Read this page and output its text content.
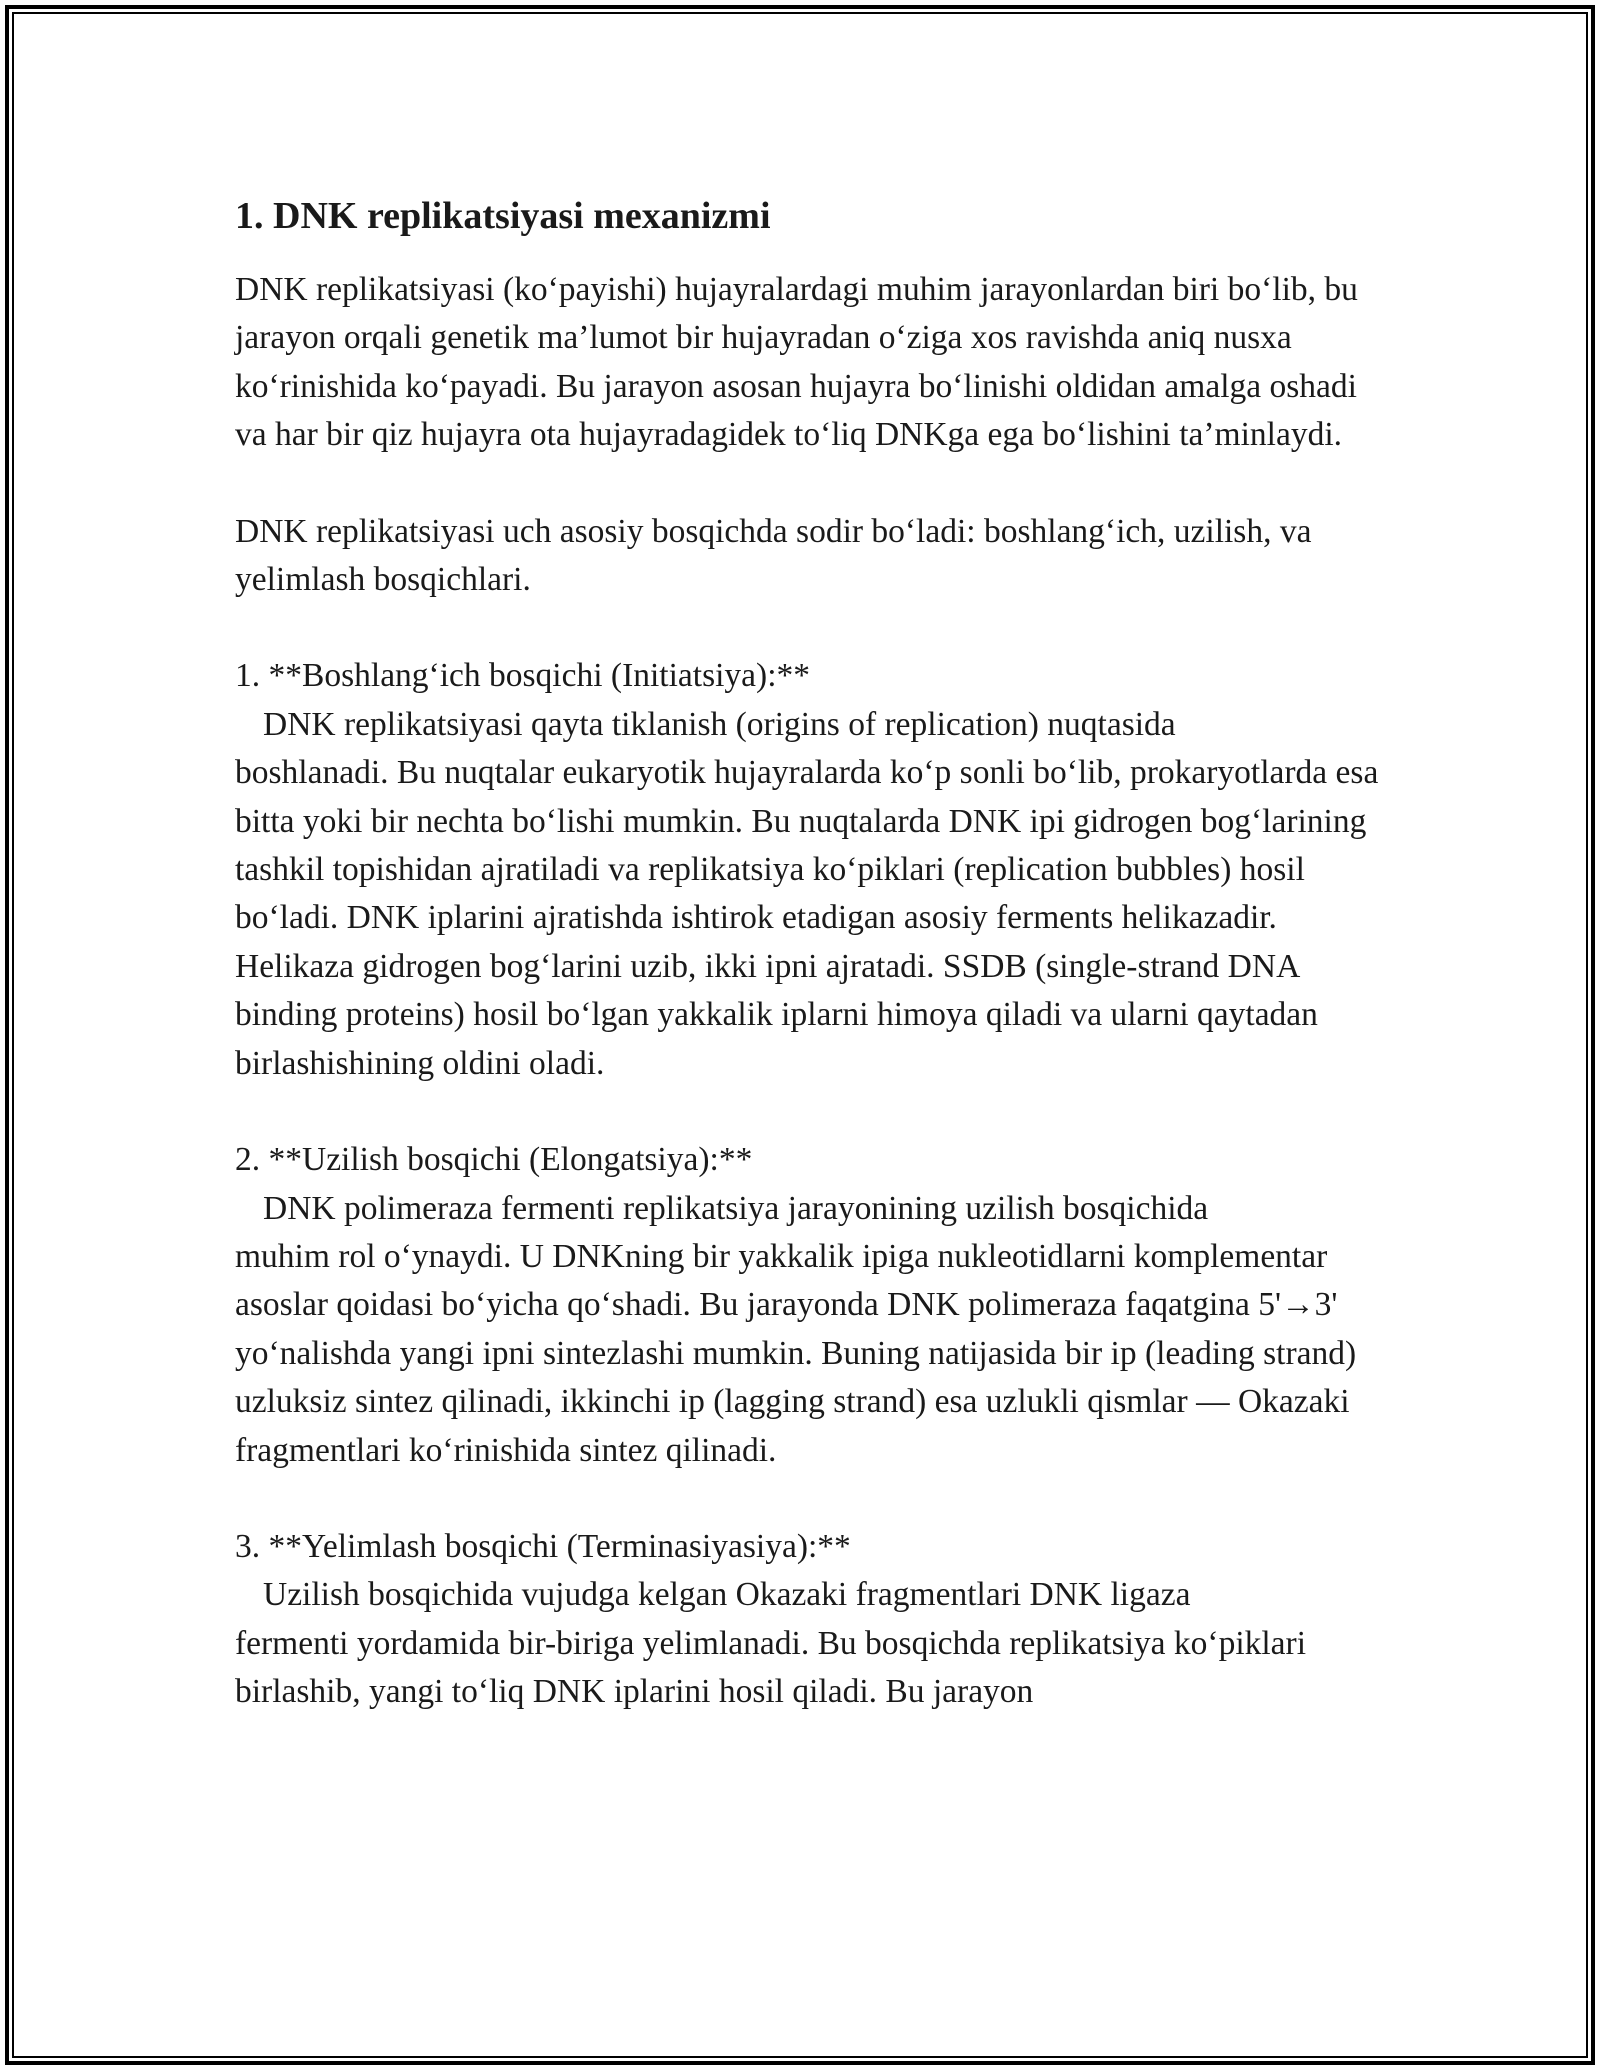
1. DNK replikatsiyasi mexanizmi

DNK replikatsiyasi (ko‘payishi) hujayralardagi muhim jarayonlardan biri bo‘lib, bu jarayon orqali genetik ma’lumot bir hujayradan o‘ziga xos ravishda aniq nusxa ko‘rinishida ko‘payadi. Bu jarayon asosan hujayra bo‘linishi oldidan amalga oshadi va har bir qiz hujayra ota hujayradagidek to‘liq DNKga ega bo‘lishini ta’minlaydi.

DNK replikatsiyasi uch asosiy bosqichda sodir bo‘ladi: boshlang‘ich, uzilish, va yelimlash bosqichlari.

1. **Boshlang‘ich bosqichi (Initiatsiya):**

DNK replikatsiyasi qayta tiklanish (origins of replication) nuqtasida

boshlanadi. Bu nuqtalar eukaryotik hujayralarda ko‘p sonli bo‘lib, prokaryotlarda esa bitta yoki bir nechta bo‘lishi mumkin. Bu nuqtalarda DNK ipi gidrogen bog‘larining tashkil topishidan ajratiladi va replikatsiya ko‘piklari (replication bubbles) hosil bo‘ladi. DNK iplarini ajratishda ishtirok etadigan asosiy ferments helikazadir. Helikaza gidrogen bog‘larini uzib, ikki ipni ajratadi. SSDB (single-strand DNA binding proteins) hosil bo‘lgan yakkalik iplarni himoya qiladi va ularni qaytadan birlashishining oldini oladi.

2. **Uzilish bosqichi (Elongatsiya):**

DNK polimeraza fermenti replikatsiya jarayonining uzilish bosqichida

muhim rol o‘ynaydi. U DNKning bir yakkalik ipiga nukleotidlarni komplementar asoslar qoidasi bo‘yicha qo‘shadi. Bu jarayonda DNK polimeraza faqatgina 5'→3' yo‘nalishda yangi ipni sintezlashi mumkin. Buning natijasida bir ip (leading strand) uzluksiz sintez qilinadi, ikkinchi ip (lagging strand) esa uzlukli qismlar — Okazaki fragmentlari ko‘rinishida sintez qilinadi.

3. **Yelimlash bosqichi (Terminasiyasiya):**

Uzilish bosqichida vujudga kelgan Okazaki fragmentlari DNK ligaza

fermenti yordamida bir-biriga yelimlanadi. Bu bosqichda replikatsiya ko‘piklari birlashib, yangi to‘liq DNK iplarini hosil qiladi. Bu jarayon
